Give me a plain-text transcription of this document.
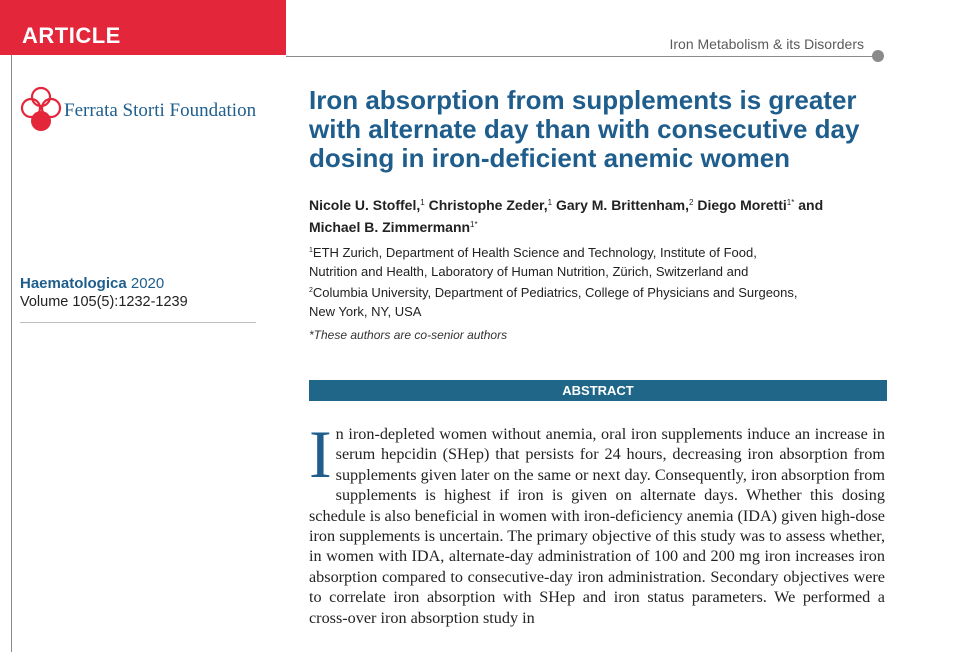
ARTICLE	Iron Metabolism & its Disorders
Ferrata Storti Foundation
Haematologica 2020
Volume 105(5):1232-1239
Iron absorption from supplements is greater with alternate day than with consecutive day dosing in iron-deficient anemic women

Nicole U. Stoffel,$^1$ Christophe Zeder,$^1$ Gary M. Brittenham,$^2$ Diego Moretti$^{1*}$ and
Michael B. Zimmermann$^{1*}$

$^1$ETH Zurich, Department of Health Science and Technology, Institute of Food,
Nutrition and Health, Laboratory of Human Nutrition, Zürich, Switzerland and
$^2$Columbia University, Department of Pediatrics, College of Physicians and Surgeons,
New York, NY, USA
*These authors are co-senior authors
ABSTRACT

In iron-depleted women without anemia, oral iron supplements induce an increase in serum hepcidin (SHep) that persists for 24 hours, decreasing iron absorption from supplements given later on the same or next day. Consequently, iron absorption from supplements is highest if iron is given on alternate days. Whether this dosing schedule is also beneficial in women with iron-deficiency anemia (IDA) given high-dose iron supplements is uncertain. The primary objective of this study was to assess whether, in women with IDA, alternate-day administration of 100 and 200 mg iron increases iron absorption compared to consecutive-day iron administration. Secondary objectives were to correlate iron absorption with SHep and iron status parameters. We performed a cross-over iron absorption study in
